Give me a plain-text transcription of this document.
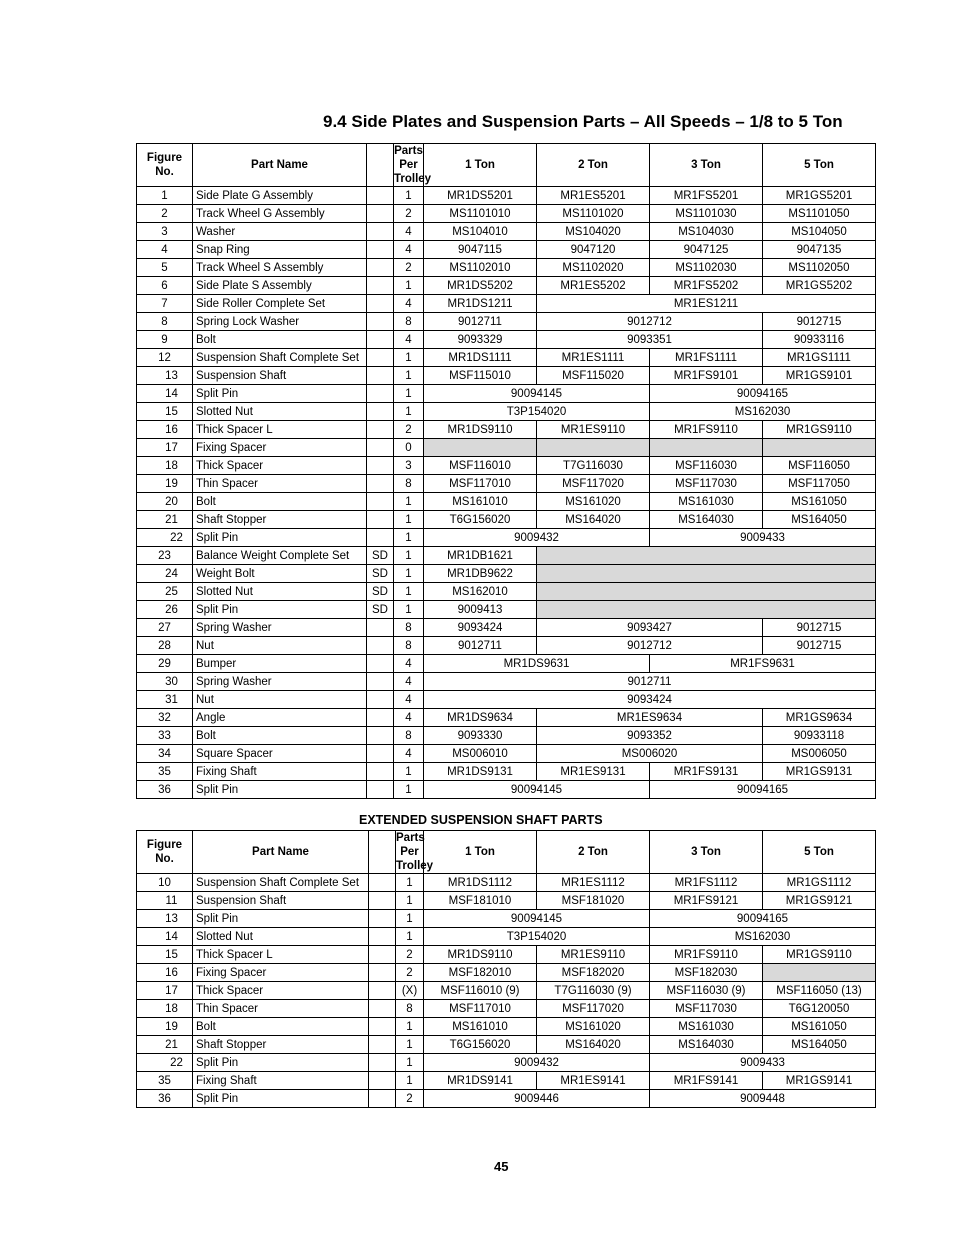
9.4 Side Plates and Suspension Parts – All Speeds – 1/8 to 5 Ton
Figure No.	Part Name		Parts Per Trolley	1 Ton	2 Ton	3 Ton	5 Ton
1	Side Plate G Assembly		1	MR1DS5201	MR1ES5201	MR1FS5201	MR1GS5201
2	Track Wheel G Assembly		2	MS1101010	MS1101020	MS1101030	MS1101050
3	Washer		4	MS104010	MS104020	MS104030	MS104050
4	Snap Ring		4	9047115	9047120	9047125	9047135
5	Track Wheel S Assembly		2	MS1102010	MS1102020	MS1102030	MS1102050
6	Side Plate S Assembly		1	MR1DS5202	MR1ES5202	MR1FS5202	MR1GS5202
7	Side Roller Complete Set		4	MR1DS1211	MR1ES1211		
8	Spring Lock Washer		8	9012711	9012712		9012715
9	Bolt		4	9093329	9093351		90933116
12	Suspension Shaft Complete Set		1	MR1DS1111	MR1ES1111	MR1FS1111	MR1GS1111
13	Suspension Shaft		1	MSF115010	MSF115020	MR1FS9101	MR1GS9101
14	Split Pin		1	90094145		90094165	
15	Slotted Nut		1	T3P154020		MS162030	
16	Thick Spacer L		2	MR1DS9110	MR1ES9110	MR1FS9110	MR1GS9110
17	Fixing Spacer		0				
18	Thick Spacer		3	MSF116010	T7G116030	MSF116030	MSF116050
19	Thin Spacer		8	MSF117010	MSF117020	MSF117030	MSF117050
20	Bolt		1	MS161010	MS161020	MS161030	MS161050
21	Shaft Stopper		1	T6G156020	MS164020	MS164030	MS164050
22	Split Pin		1	9009432		9009433	
23	Balance Weight Complete Set	SD	1	MR1DB1621			
24	Weight Bolt	SD	1	MR1DB9622			
25	Slotted Nut	SD	1	MS162010			
26	Split Pin	SD	1	9009413			
27	Spring Washer		8	9093424	9093427		9012715
28	Nut		8	9012711	9012712		9012715
29	Bumper		4	MR1DS9631		MR1FS9631	
30	Spring Washer		4	9012711			
31	Nut		4	9093424			
32	Angle		4	MR1DS9634	MR1ES9634		MR1GS9634
33	Bolt		8	9093330	9093352		90933118
34	Square Spacer		4	MS006010	MS006020		MS006050
35	Fixing Shaft		1	MR1DS9131	MR1ES9131	MR1FS9131	MR1GS9131
36	Split Pin		1	90094145		90094165	
EXTENDED SUSPENSION SHAFT PARTS
Figure No.	Part Name		Parts Per Trolley	1 Ton	2 Ton	3 Ton	5 Ton
10	Suspension Shaft Complete Set		1	MR1DS1112	MR1ES1112	MR1FS1112	MR1GS1112
11	Suspension Shaft		1	MSF181010	MSF181020	MR1FS9121	MR1GS9121
13	Split Pin		1	90094145		90094165	
14	Slotted Nut		1	T3P154020		MS162030	
15	Thick Spacer L		2	MR1DS9110	MR1ES9110	MR1FS9110	MR1GS9110
16	Fixing Spacer		2	MSF182010	MSF182020	MSF182030	
17	Thick Spacer		(X)	MSF116010 (9)	T7G116030 (9)	MSF116030 (9)	MSF116050 (13)
18	Thin Spacer		8	MSF117010	MSF117020	MSF117030	T6G120050
19	Bolt		1	MS161010	MS161020	MS161030	MS161050
21	Shaft Stopper		1	T6G156020	MS164020	MS164030	MS164050
22	Split Pin		1	9009432		9009433	
35	Fixing Shaft		1	MR1DS9141	MR1ES9141	MR1FS9141	MR1GS9141
36	Split Pin		2	9009446		9009448	
45
